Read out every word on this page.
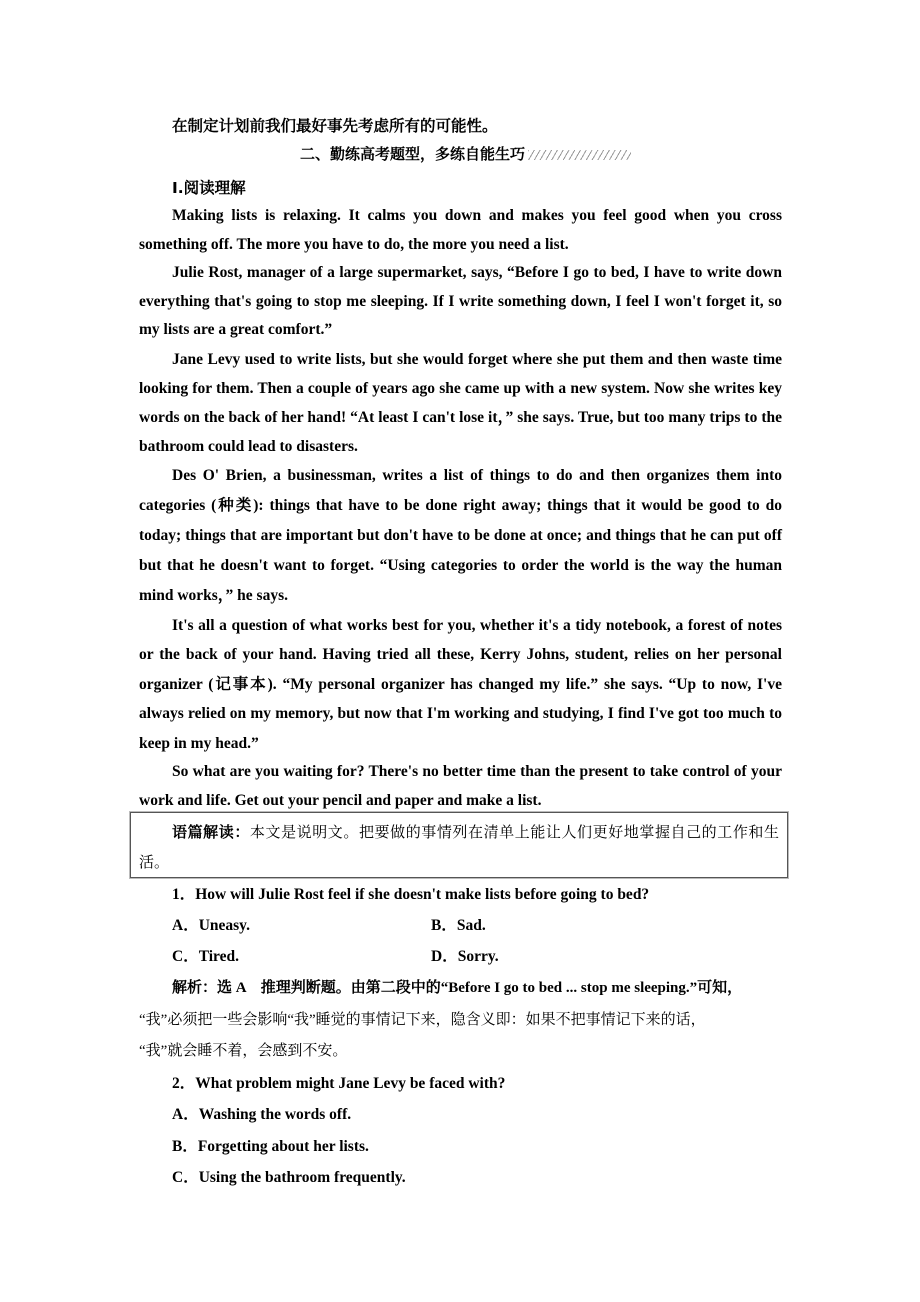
在制定计划前我们最好事先考虑所有的可能性。
二、勤练高考题型，多练自能生巧
Ⅰ.阅读理解

Making lists is relaxing. It calms you down and makes you feel good when you cross something off. The more you have to do, the more you need a list.

Julie Rost, manager of a large supermarket, says, “Before I go to bed, I have to write down everything that's going to stop me sleeping. If I write something down, I feel I won't forget it, so my lists are a great comfort.”

Jane Levy used to write lists, but she would forget where she put them and then waste time looking for them. Then a couple of years ago she came up with a new system. Now she writes key words on the back of her hand! “At least I can't lose it，” she says. True, but too many trips to the bathroom could lead to disasters.

Des O' Brien, a businessman, writes a list of things to do and then organizes them into categories (种类): things that have to be done right away; things that it would be good to do today; things that are important but don't have to be done at once; and things that he can put off but that he doesn't want to forget. “Using categories to order the world is the way the human mind works，” he says.

It's all a question of what works best for you, whether it's a tidy notebook, a forest of notes or the back of your hand. Having tried all these, Kerry Johns, student, relies on her personal organizer (记事本). “My personal organizer has changed my life.” she says. “Up to now, I've always relied on my memory, but now that I'm working and studying, I find I've got too much to keep in my head.”

So what are you waiting for? There's no better time than the present to take control of your work and life. Get out your pencil and paper and make a list.

语篇解读：本文是说明文。把要做的事情列在清单上能让人们更好地掌握自己的工作和生活。
1．How will Julie Rost feel if she doesn't make lists before going to bed?
A．Uneasy.	B．Sad.
C．Tired.	D．Sorry.
解析：选 A　推理判断题。由第二段中的“Before I go to bed ... stop me sleeping.”可知，
“我”必须把一些会影响“我”睡觉的事情记下来，隐含义即：如果不把事情记下来的话，
“我”就会睡不着，会感到不安。
2．What problem might Jane Levy be faced with?
A．Washing the words off.
B．Forgetting about her lists.
C．Using the bathroom frequently.
